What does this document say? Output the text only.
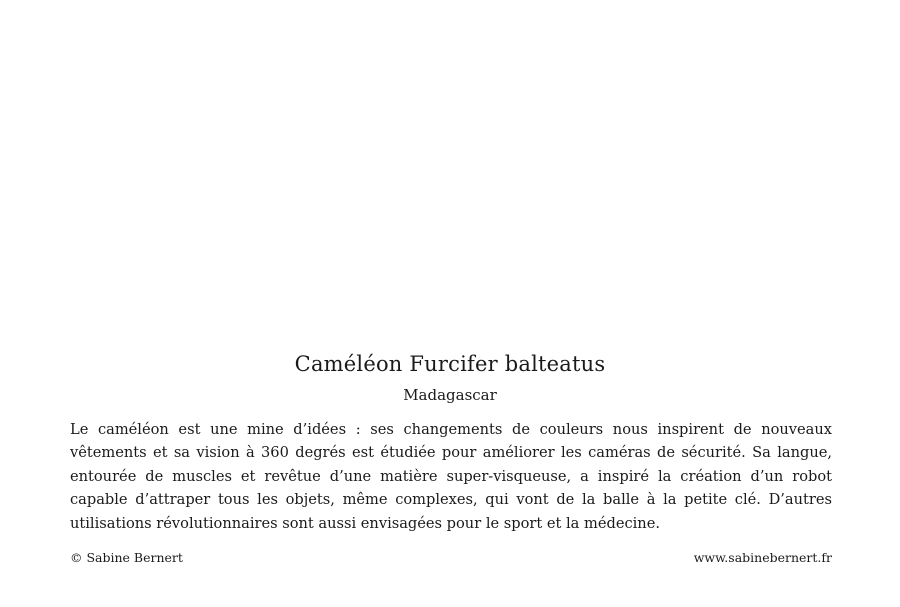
Caméléon Furcifer balteatus
Madagascar

Le caméléon est une mine d’idées : ses changements de couleurs nous inspirent de nouveaux vêtements et sa vision à 360 degrés est étudiée pour améliorer les caméras de sécurité. Sa langue, entourée de muscles et revêtue d’une matière super-visqueuse, a inspiré la création d’un robot capable d’attraper tous les objets, même complexes, qui vont de la balle à la petite clé. D’autres utilisations révolutionnaires sont aussi envisagées pour le sport et la médecine.

© Sabine Bernert	www.sabinebernert.fr
